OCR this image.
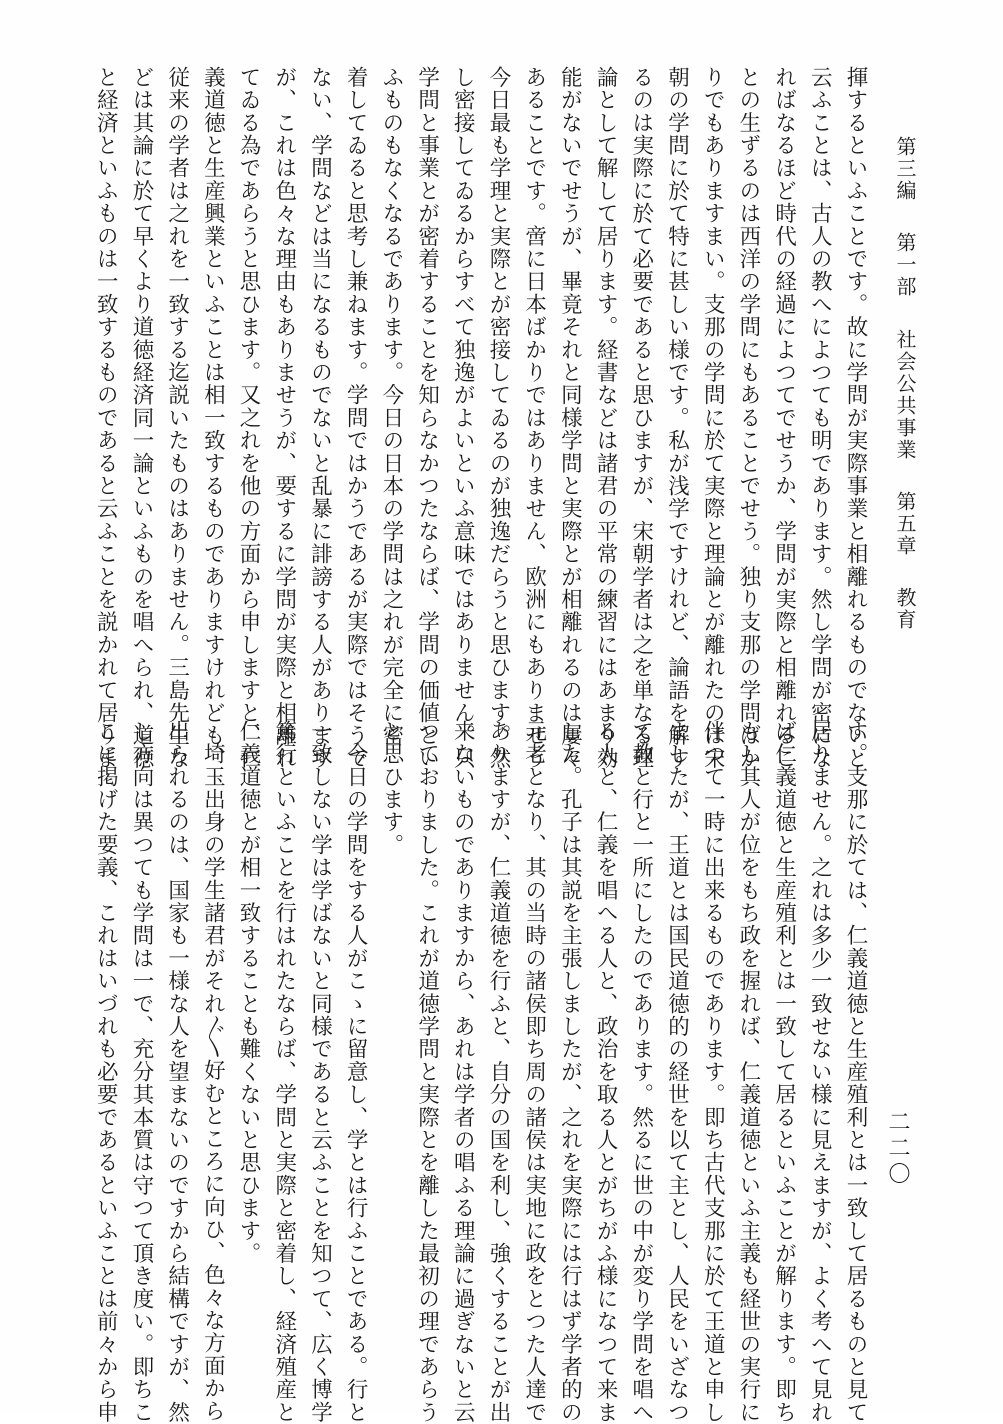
第三編 第一部 社会公共事業 第五章 教育
二二〇
揮するといふことです。故に学問が実際事業と相離れるものでないと
云ふことは、古人の教へによつても明であります。然し学問が密にな
ればなるほど時代の経過によつてでせうか、学問が実際と相離れるこ
との生ずるのは西洋の学問にもあることでせう。独り支那の学問ばか
りでもありますまい。支那の学問に於て実際と理論とが離れたのは宋
朝の学問に於て特に甚しい様です。私が浅学ですけれど、論語を解す
るのは実際に於て必要であると思ひますが、宋朝学者は之を単なる理
論として解して居ります。経書などは諸君の平常の練習にはあまり効
能がないでせうが、畢竟それと同様学問と実際とが相離れるのは屢々
あることです。啻に日本ばかりではありません、欧洲にもありませう
今日最も学理と実際とが密接してゐるのが独逸だらうと思ひます。然
し密接してゐるからすべて独逸がよいといふ意味ではありません。只
学問と事業とが密着することを知らなかつたならば、学問の価値とい
ふものもなくなるであります。今日の日本の学問は之れが完全に密
着してゐると思考し兼ねます。学問ではかうであるが実際ではそうで
ない、学問などは当になるものでないと乱暴に誹謗する人があります
が、これは色々な理由もありませうが、要するに学問が実際と相離れ
てゐる為であらうと思ひます。又之れを他の方面から申しますと、仁
義道徳と生産興業といふことは相一致するものでありますけれども、
従来の学者は之れを一致する迄説いたものはありません。三島先生な
どは其論に於て早くより道徳経済同一論といふものを唱へられ、道徳
と経済といふものは一致するものであると云ふことを説かれて居りま
す。支那に於ては、仁義道徳と生産殖利とは一致して居るものと見て
居りません。之れは多少一致せない様に見えますが、よく考へて見れ
ば仁義道徳と生産殖利とは一致して居るといふことが解ります。即ち
もし其人が位をもち政を握れば、仁義道徳といふ主義も経世の実行に
伴つて一時に出来るものであります。即ち古代支那に於て王道と申し
ましたが、王道とは国民道徳的の経世を以て主とし、人民をいざなつ
て教と行と一所にしたのであります。然るに世の中が変り学問を唱へ
る人と、仁義を唱へる人と、政治を取る人とがちがふ様になつて来ま
した。孔子は其説を主張しましたが、之れを実際には行はず学者的の
元老となり、其の当時の諸侯即ち周の諸侯は実地に政をとつた人達で
ありますが、仁義道徳を行ふと、自分の国を利し、強くすることが出
来ないものでありますから、あれは学者の唱ふる理論に過ぎないと云
つておりました。これが道徳学問と実際とを離した最初の理であらう
と思ひます。
　今日の学問をする人がこゝに留意し、学とは行ふことである。行と
一致しない学は学ばないと同様であると云ふことを知つて、広く博学
篤行といふことを行はれたならば、学問と実際と密着し、経済殖産と
仁義道徳とが相一致することも難くないと思ひます。
　埼玉出身の学生諸君がそれ〴〵好むところに向ひ、色々な方面から
出られるのは、国家も一様な人を望まないのですから結構ですが、然
し方向は異つても学問は一で、充分其本質は守つて頂き度い。即ちこ
こに掲げた要義、これはいづれも必要であるといふことは前々から申
